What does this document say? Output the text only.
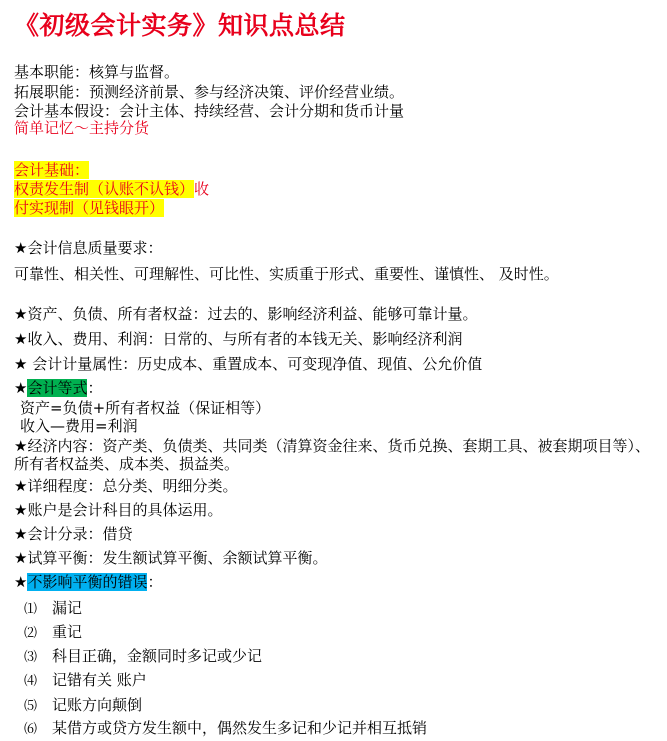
《初级会计实务》知识点总结
基本职能：核算与监督。
拓展职能：预测经济前景、参与经济决策、评价经营业绩。
会计基本假设：会计主体、持续经营、会计分期和货币计量
简单记忆～主持分货
会计基础：
权责发生制（认账不认钱）收
付实现制（见钱眼开）
★会计信息质量要求：
可靠性、相关性、可理解性、可比性、实质重于形式、重要性、谨慎性、 及时性。
★资产、负债、所有者权益：过去的、影响经济利益、能够可靠计量。
★收入、费用、利润：日常的、与所有者的本钱无关、影响经济利润
★ 会计计量属性：历史成本、重置成本、可变现净值、现值、公允价值
★会计等式：
资产=负债+所有者权益（保证相等）
收入—费用=利润
★经济内容：资产类、负债类、共同类（清算资金往来、货币兑换、套期工具、被套期项目等）、
所有者权益类、成本类、损益类。
★详细程度：总分类、明细分类。
★账户是会计科目的具体运用。
★会计分录：借贷
★试算平衡：发生额试算平衡、余额试算平衡。
★不影响平衡的错误：
⑴ 漏记
⑵ 重记
⑶ 科目正确，金额同时多记或少记
⑷ 记错有关 账户
⑸ 记账方向颠倒
⑹ 某借方或贷方发生额中，偶然发生多记和少记并相互抵销
